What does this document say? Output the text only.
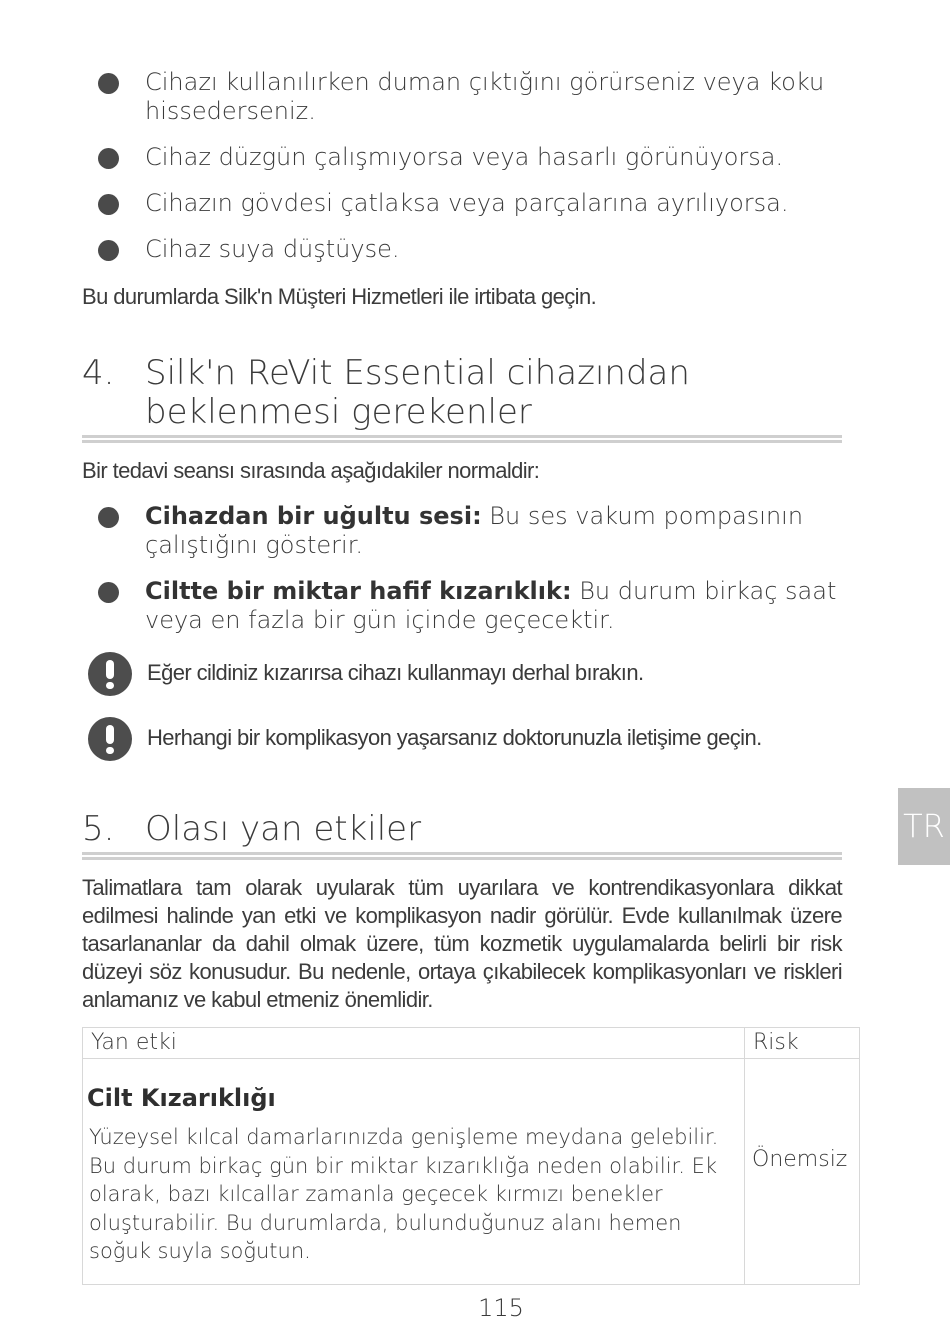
Cihazı kullanılırken duman çıktığını görürseniz veya koku hissederseniz.
Cihaz düzgün çalışmıyorsa veya hasarlı görünüyorsa.
Cihazın gövdesi çatlaksa veya parçalarına ayrılıyorsa.
Cihaz suya düştüyse.
Bu durumlarda Silk'n Müşteri Hizmetleri ile irtibata geçin.
4. Silk'n ReVit Essential cihazından beklenmesi gerekenler
Bir tedavi seansı sırasında aşağıdakiler normaldir:
Cihazdan bir uğultu sesi: Bu ses vakum pompasının çalıştığını gösterir.
Ciltte bir miktar hafif kızarıklık: Bu durum birkaç saat veya en fazla bir gün içinde geçecektir.
Eğer cildiniz kızarırsa cihazı kullanmayı derhal bırakın.
Herhangi bir komplikasyon yaşarsanız doktorunuzla iletişime geçin.
TR
5. Olası yan etkiler
Talimatlara tam olarak uyularak tüm uyarılara ve kontrendikasyonlara dikkat edilmesi halinde yan etki ve komplikasyon nadir görülür. Evde kullanılmak üzere tasarlananlar da dahil olmak üzere, tüm kozmetik uygulamalarda belirli bir risk düzeyi söz konusudur. Bu nedenle, ortaya çıkabilecek komplikasyonları ve riskleri anlamanız ve kabul etmeniz önemlidir.
Yan etki	Risk

Cilt Kızarıklığı
Yüzeysel kılcal damarlarınızda genişleme meydana gelebilir. Bu durum birkaç gün bir miktar kızarıklığa neden olabilir. Ek olarak, bazı kılcallar zamanla geçecek kırmızı benekler oluşturabilir. Bu durumlarda, bulunduğunuz alanı hemen soğuk suyla soğutun.	Önemsiz
115
